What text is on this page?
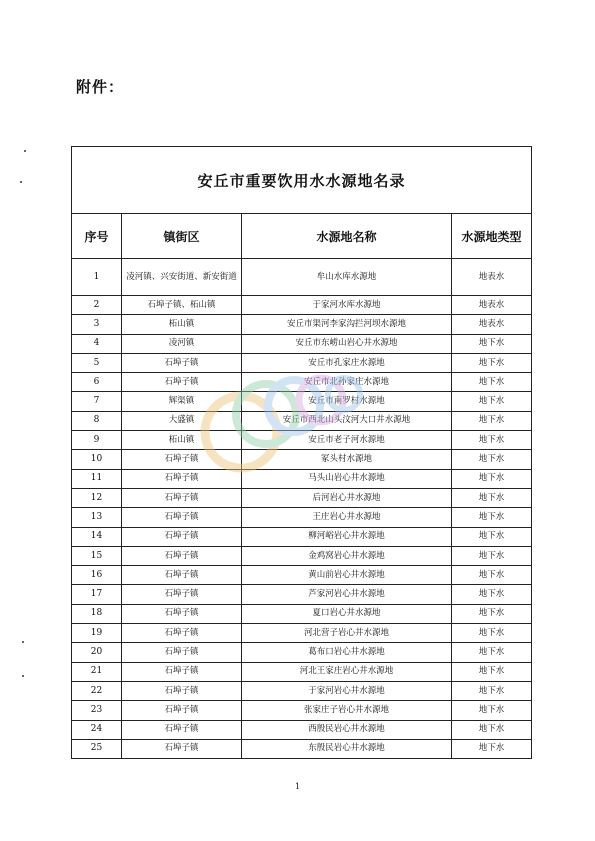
附件：
安丘市重要饮用水水源地名录			
序号	镇街区	水源地名称	水源地类型
1	凌河镇、兴安街道、新安街道	牟山水库水源地	地表水
2	石埠子镇、柘山镇	于家河水库水源地	地表水
3	柘山镇	安丘市渠河李家沟拦河坝水源地	地表水
4	凌河镇	安丘市东崂山岩心井水源地	地下水
5	石埠子镇	安丘市孔家庄水源地	地下水
6	石埠子镇	安丘市北孙家庄水源地	地下水
7	辉渠镇	安丘市南罗村水源地	地下水
8	大盛镇	安丘市西北山头汶河大口井水源地	地下水
9	柘山镇	安丘市老子河水源地	地下水
10	石埠子镇	冢头村水源地	地下水
11	石埠子镇	马头山岩心井水源地	地下水
12	石埠子镇	后河岩心井水源地	地下水
13	石埠子镇	王庄岩心井水源地	地下水
14	石埠子镇	柳河峪岩心井水源地	地下水
15	石埠子镇	金鸡窝岩心井水源地	地下水
16	石埠子镇	黄山前岩心井水源地	地下水
17	石埠子镇	芦家河岩心井水源地	地下水
18	石埠子镇	夏口岩心井水源地	地下水
19	石埠子镇	河北营子岩心井水源地	地下水
20	石埠子镇	葛布口岩心井水源地	地下水
21	石埠子镇	河北王家庄岩心井水源地	地下水
22	石埠子镇	于家河岩心井水源地	地下水
23	石埠子镇	张家庄子岩心井水源地	地下水
24	石埠子镇	西殷民岩心井水源地	地下水
25	石埠子镇	东殷民岩心井水源地	地下水
1
